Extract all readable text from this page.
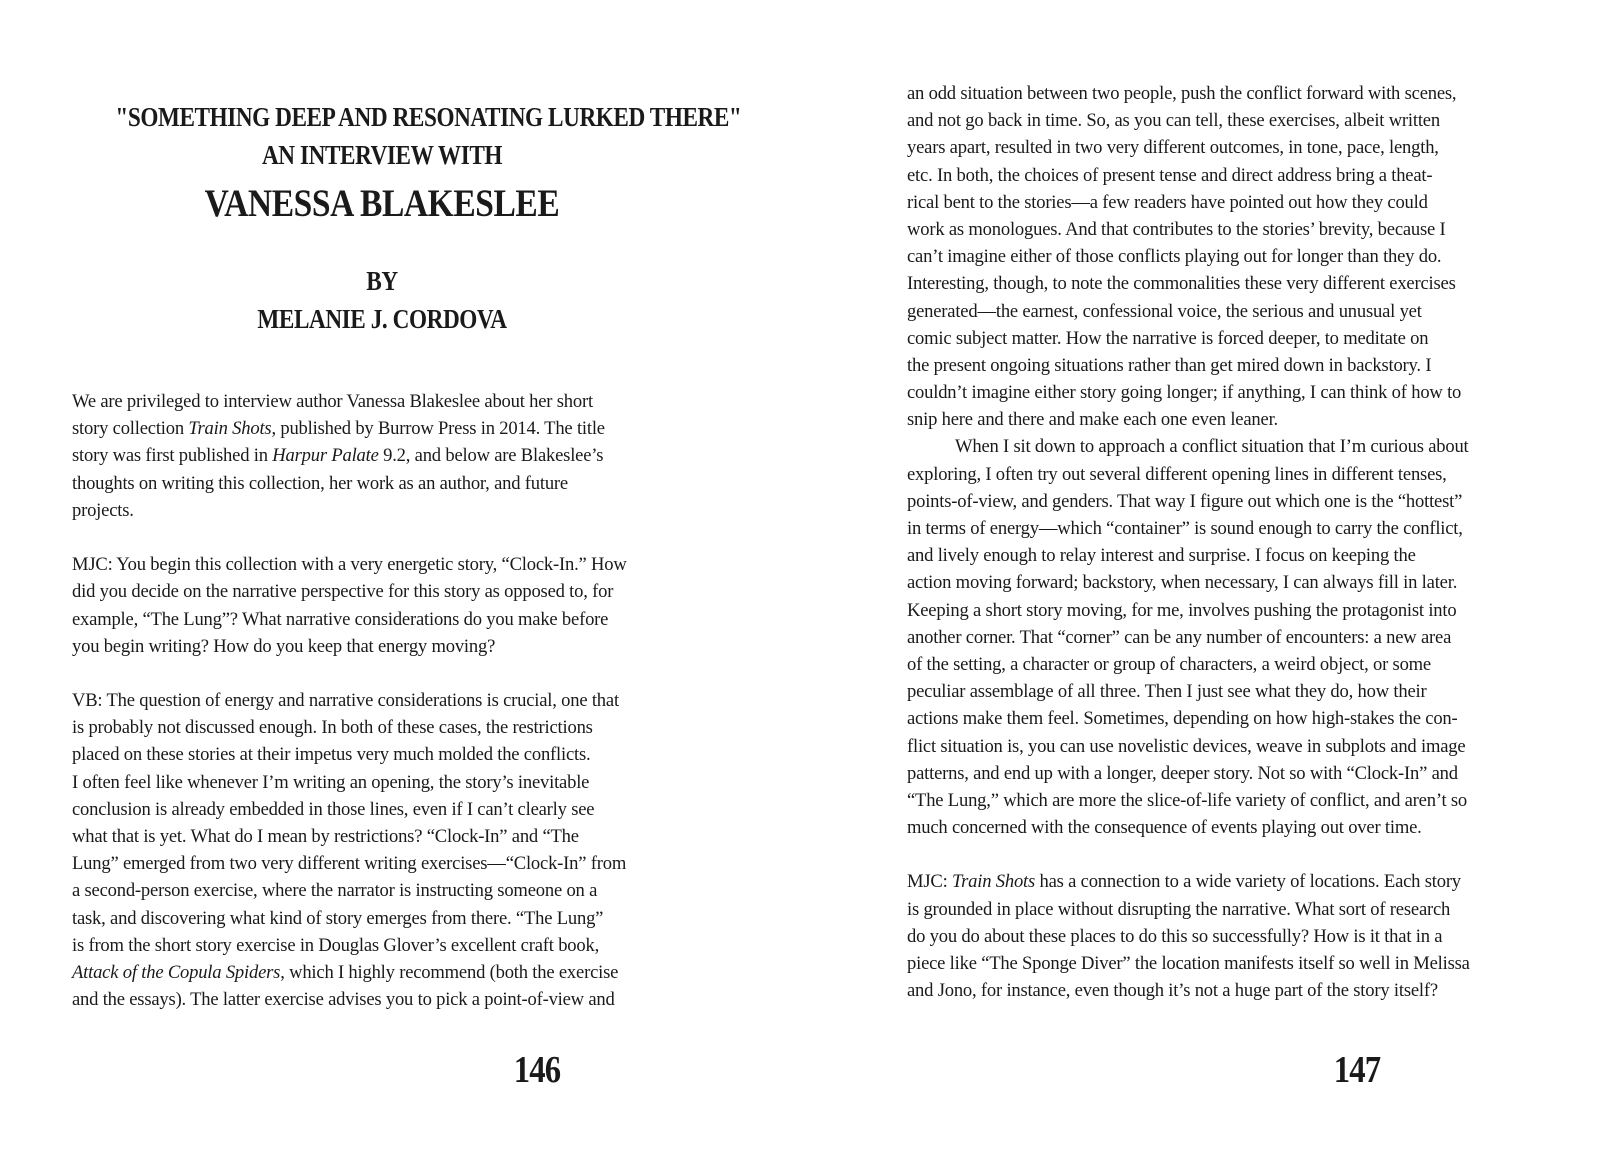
"SOMETHING DEEP AND RESONATING LURKED THERE"
AN INTERVIEW WITH
VANESSA BLAKESLEE
BY
MELANIE J. CORDOVA
We are privileged to interview author Vanessa Blakeslee about her short
story collection Train Shots, published by Burrow Press in 2014. The title
story was first published in Harpur Palate 9.2, and below are Blakeslee’s
thoughts on writing this collection, her work as an author, and future
projects.
MJC: You begin this collection with a very energetic story, “Clock-In.” How
did you decide on the narrative perspective for this story as opposed to, for
example, “The Lung”? What narrative considerations do you make before
you begin writing? How do you keep that energy moving?
VB: The question of energy and narrative considerations is crucial, one that
is probably not discussed enough. In both of these cases, the restrictions
placed on these stories at their impetus very much molded the conflicts.
I often feel like whenever I’m writing an opening, the story’s inevitable
conclusion is already embedded in those lines, even if I can’t clearly see
what that is yet. What do I mean by restrictions? “Clock-In” and “The
Lung” emerged from two very different writing exercises—“Clock-In” from
a second-person exercise, where the narrator is instructing someone on a
task, and discovering what kind of story emerges from there. “The Lung”
is from the short story exercise in Douglas Glover’s excellent craft book,
Attack of the Copula Spiders, which I highly recommend (both the exercise
and the essays). The latter exercise advises you to pick a point-of-view and
146
an odd situation between two people, push the conflict forward with scenes,
and not go back in time. So, as you can tell, these exercises, albeit written
years apart, resulted in two very different outcomes, in tone, pace, length,
etc. In both, the choices of present tense and direct address bring a theat-
rical bent to the stories—a few readers have pointed out how they could
work as monologues. And that contributes to the stories’ brevity, because I
can’t imagine either of those conflicts playing out for longer than they do.
Interesting, though, to note the commonalities these very different exercises
generated—the earnest, confessional voice, the serious and unusual yet
comic subject matter. How the narrative is forced deeper, to meditate on
the present ongoing situations rather than get mired down in backstory. I
couldn’t imagine either story going longer; if anything, I can think of how to
snip here and there and make each one even leaner.
When I sit down to approach a conflict situation that I’m curious about
exploring, I often try out several different opening lines in different tenses,
points-of-view, and genders. That way I figure out which one is the “hottest”
in terms of energy—which “container” is sound enough to carry the conflict,
and lively enough to relay interest and surprise. I focus on keeping the
action moving forward; backstory, when necessary, I can always fill in later.
Keeping a short story moving, for me, involves pushing the protagonist into
another corner. That “corner” can be any number of encounters: a new area
of the setting, a character or group of characters, a weird object, or some
peculiar assemblage of all three. Then I just see what they do, how their
actions make them feel. Sometimes, depending on how high-stakes the con-
flict situation is, you can use novelistic devices, weave in subplots and image
patterns, and end up with a longer, deeper story. Not so with “Clock-In” and
“The Lung,” which are more the slice-of-life variety of conflict, and aren’t so
much concerned with the consequence of events playing out over time.
MJC: Train Shots has a connection to a wide variety of locations. Each story
is grounded in place without disrupting the narrative. What sort of research
do you do about these places to do this so successfully? How is it that in a
piece like “The Sponge Diver” the location manifests itself so well in Melissa
and Jono, for instance, even though it’s not a huge part of the story itself?
147
